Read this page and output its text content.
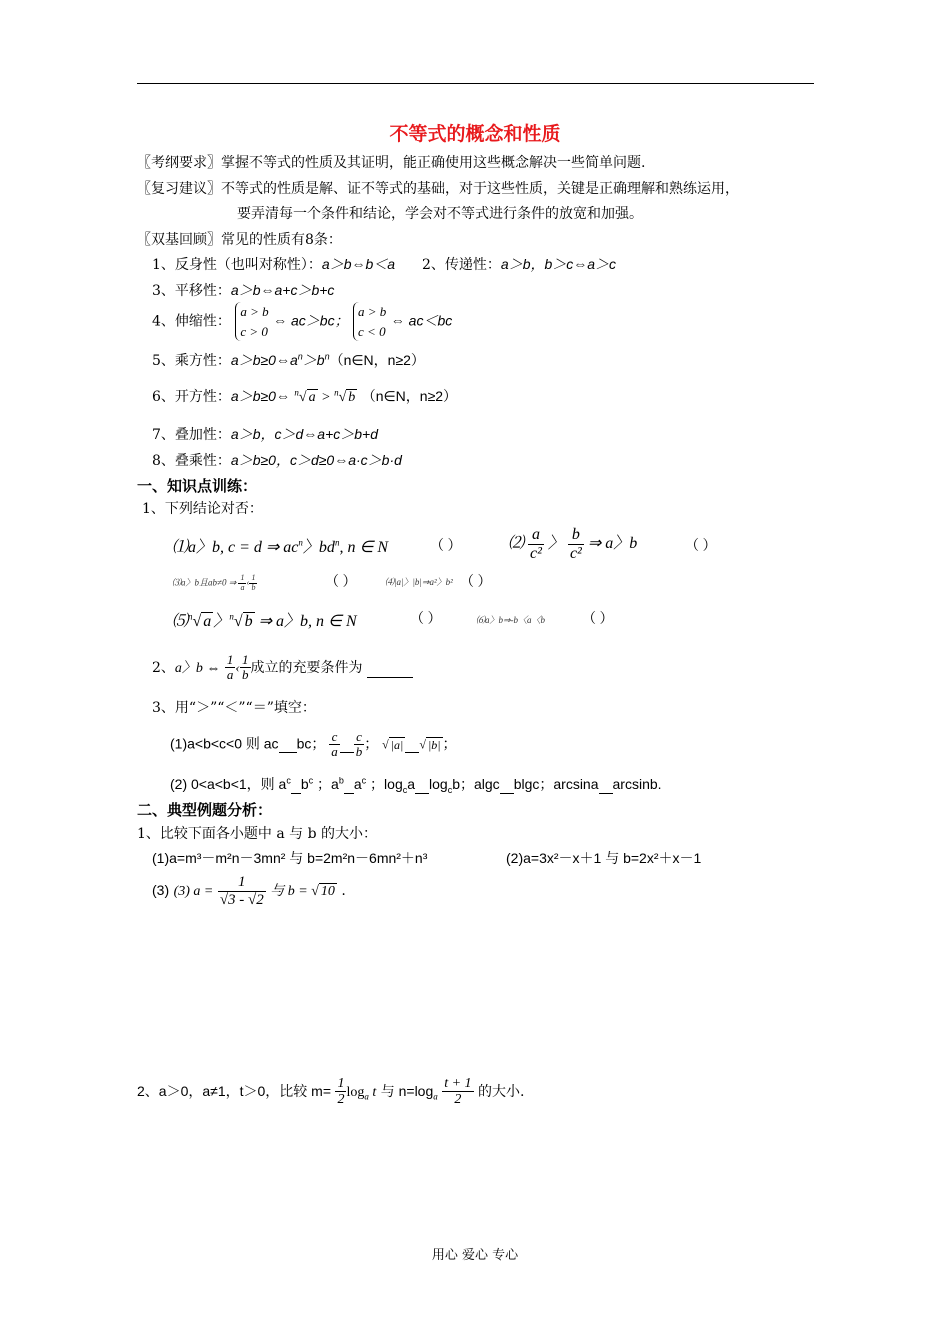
不等式的概念和性质
〖考纲要求〗掌握不等式的性质及其证明，能正确使用这些概念解决一些简单问题.
〖复习建议〗不等式的性质是解、证不等式的基础，对于这些性质，关键是正确理解和熟练运用，
要弄清每一个条件和结论，学会对不等式进行条件的放宽和加强。
〖双基回顾〗常见的性质有8条：
1、反身性（也叫对称性）：a＞b⇔b＜a 2、传递性：a＞b，b＞c⇔a＞c
3、平移性：a＞b⇔a+c＞b+c
4、伸缩性：
a > b
c > 0
⇔ ac＞bc；
a > b
c < 0
⇔ ac＜bc
5、乘方性：$a>b\ge 0\Leftrightarrow a^n>b^n(n\in N$，n≥2）
6、开方性：a＞b≥0⇔ $^n$√ a > $^n$√ b （n∈N，n≥2）
7、叠加性：a＞b，c＞d⇔a+c＞b+d
8、叠乘性：a＞b≥0，c＞d≥0⇔a·c＞b·d
一、知识点训练：
1、下列结论对否：
⑴a〉b, c = d ⇒ $ac^n$〉$bd^n$, n ∈ N	（ ）	⑵ $\frac{a}{\text{c²}}$ 〉 $\frac{b}{\text{c²}}$ ⇒ a〉b	（ ）
⑶a〉b且ab≠0 ⇒ $\frac{1}{a}$ ‹ $\frac{1}{b}$	（ ）	⑷|a|〉|b|⇒a²〉b² （ ）
⑸$^n$√ a 〉$^n$√ b ⇒ a〉b, n ∈ N	（ ）	⑹a〉b⇒-b〈a〈b	（ ）
2、a〉b ⇔ $\frac{1}{a}$ ‹ $\frac{1}{b}$ 成立的充要条件为
3、用“＞”“＜”“＝”填空：
(1)a<b<c<0 则 ac bc； $\frac{c}{a}$
$\frac{c}{b}$ ； √ |a| √ |b| ；
(2) 0<a<b<1，则 $a^c$ $b^c$ ；$a^b$ $a^c$ ；$\log_ca$ $\log_cb$；algc blgc；arcsina arcsinb.
二、典型例题分析：
1、比较下面各小题中 a 与 b 的大小：
(1)a=m³－m²n－3mn² 与 b=2m²n－6mn²＋n³	(2)a=3x²－x＋1 与 b=2x²＋x－1
(3) (3) $a = \frac{1}{√3 - √2}$ 与 b = √ 10 .
2、a＞0，a≠1，t＞0，比较 $m= \frac{1}{2} \log_a t$ 与 $n=\log_a \frac{t + 1}{2}$ 的大小.
用心 爱心 专心
